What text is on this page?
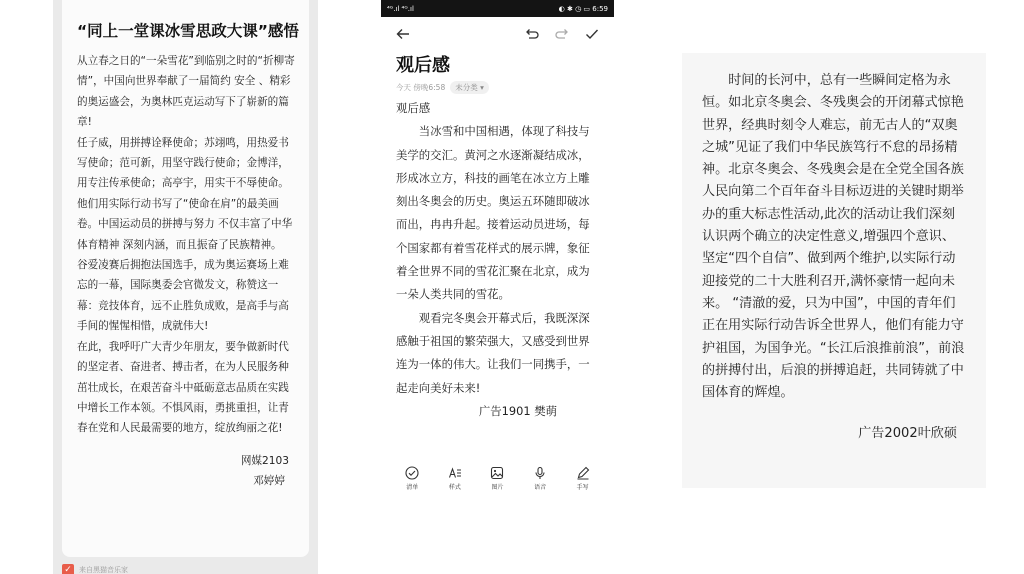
“同上一堂课冰雪思政大课”感悟

从立春之日的“一朵雪花”到临别之时的“折柳寄情”，中国向世界奉献了一届简约 安全 、精彩的奥运盛会，为奥林匹克运动写下了崭新的篇章!

任子威，用拼搏诠释使命；苏翊鸣，用热爱书写使命；范可新，用坚守践行使命；金博洋，用专注传承使命；高亭宇，用实干不辱使命。他们用实际行动书写了“使命在肩”的最美画卷。中国运动员的拼搏与努力 不仅丰富了中华体育精神 深刻内涵，而且振奋了民族精神。

谷爱凌赛后拥抱法国选手，成为奥运赛场上难忘的一幕，国际奥委会官微发文，称赞这一幕：竞技体育，远不止胜负成败，是高手与高手间的惺惺相惜，成就伟大!

在此，我呼吁广大青少年朋友，要争做新时代的坚定者、奋进者、搏击者，在为人民服务种茁壮成长，在艰苦奋斗中砥砺意志品质在实践中增长工作本领。不惧风雨，勇挑重担，让青春在党和人民最需要的地方，绽放绚丽之花!

网媒2103
邓婷婷
✓	来自黑猫音乐家
⁴ᴳ.ıl ⁴ᴳ.ıl	◐ ✱ ◷ ▭ 6:59
观后感
今天 傍晚6:58	未分类 ▾

观后感

当冰雪和中国相遇，体现了科技与美学的交汇。黄河之水逐渐凝结成冰，形成冰立方，科技的画笔在冰立方上雕刻出冬奥会的历史。奥运五环随即破冰而出，冉冉升起。接着运动员进场，每个国家都有着雪花样式的展示牌，象征着全世界不同的雪花汇聚在北京，成为一朵人类共同的雪花。

观看完冬奥会开幕式后，我既深深感触于祖国的繁荣强大，又感受到世界连为一体的伟大。让我们一同携手，一起走向美好未来!

广告1901 樊萌

清单	样式	图片	语音	手写

时间的长河中，总有一些瞬间定格为永恒。如北京冬奥会、冬残奥会的开闭幕式惊艳世界，经典时刻令人难忘，前无古人的“双奥之城”见证了我们中华民族笃行不怠的昂扬精神。北京冬奥会、冬残奥会是在全党全国各族人民向第二个百年奋斗目标迈进的关键时期举办的重大标志性活动,此次的活动让我们深刻认识两个确立的决定性意义,增强四个意识、坚定“四个自信”、做到两个维护,以实际行动迎接党的二十大胜利召开,满怀豪情一起向未来。 “清澈的爱，只为中国”，中国的青年们正在用实际行动告诉全世界人，他们有能力守护祖国，为国争光。“长江后浪推前浪”，前浪的拼搏付出，后浪的拼搏追赶，共同铸就了中国体育的辉煌。

广告2002叶欣硕
